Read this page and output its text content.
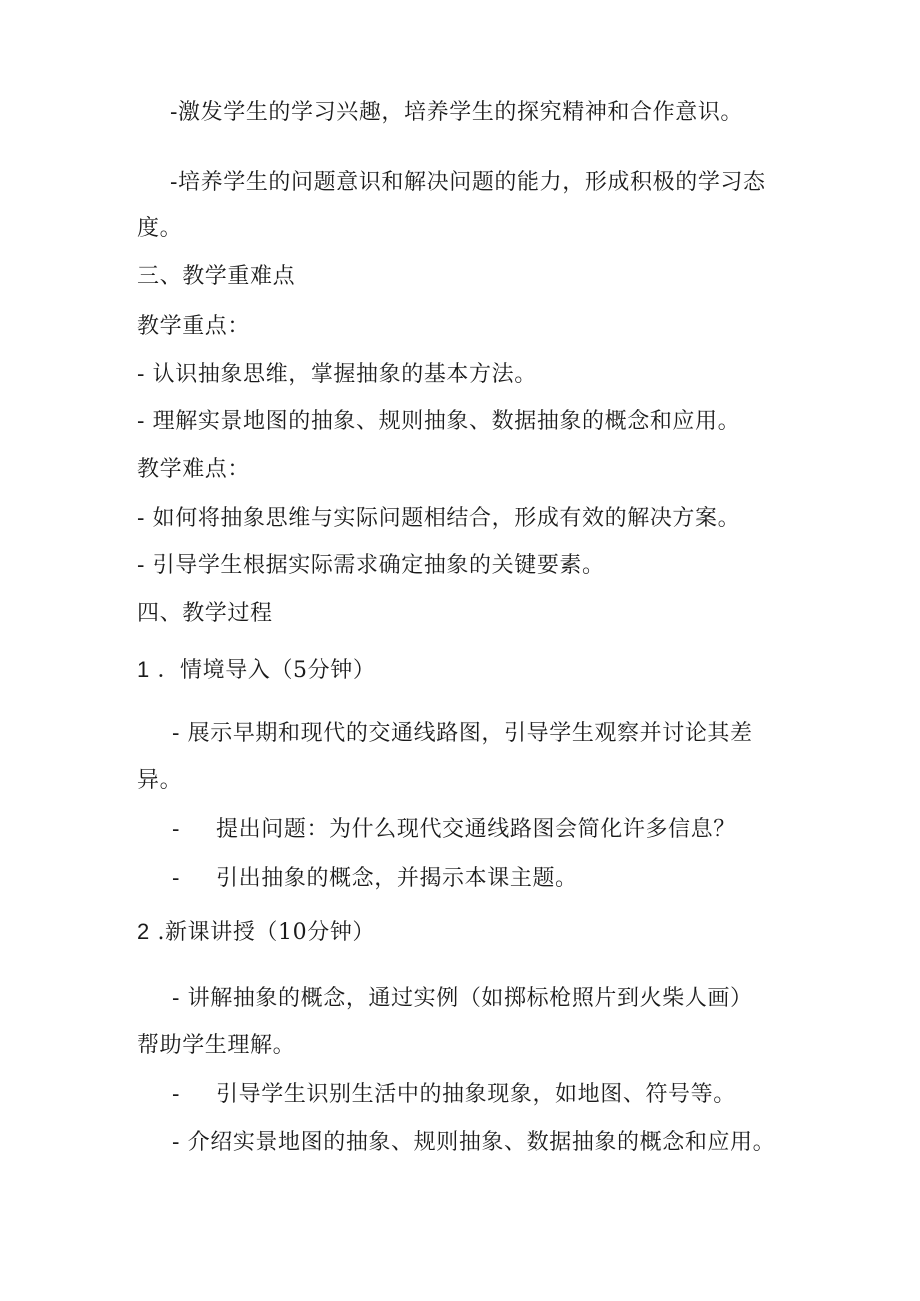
-激发学生的学习兴趣，培养学生的探究精神和合作意识。

-培养学生的问题意识和解决问题的能力，形成积极的学习态

度。

三、教学重难点

教学重点：

- 认识抽象思维，掌握抽象的基本方法。

- 理解实景地图的抽象、规则抽象、数据抽象的概念和应用。

教学难点：

- 如何将抽象思维与实际问题相结合，形成有效的解决方案。

- 引导学生根据实际需求确定抽象的关键要素。

四、教学过程

1 ．情境导入（5分钟）

- 展示早期和现代的交通线路图，引导学生观察并讨论其差

异。

- 提出问题：为什么现代交通线路图会简化许多信息？

- 引出抽象的概念，并揭示本课主题。

2 .新课讲授（10分钟）

- 讲解抽象的概念，通过实例（如掷标枪照片到火柴人画）

帮助学生理解。

- 引导学生识别生活中的抽象现象，如地图、符号等。

- 介绍实景地图的抽象、规则抽象、数据抽象的概念和应用。
